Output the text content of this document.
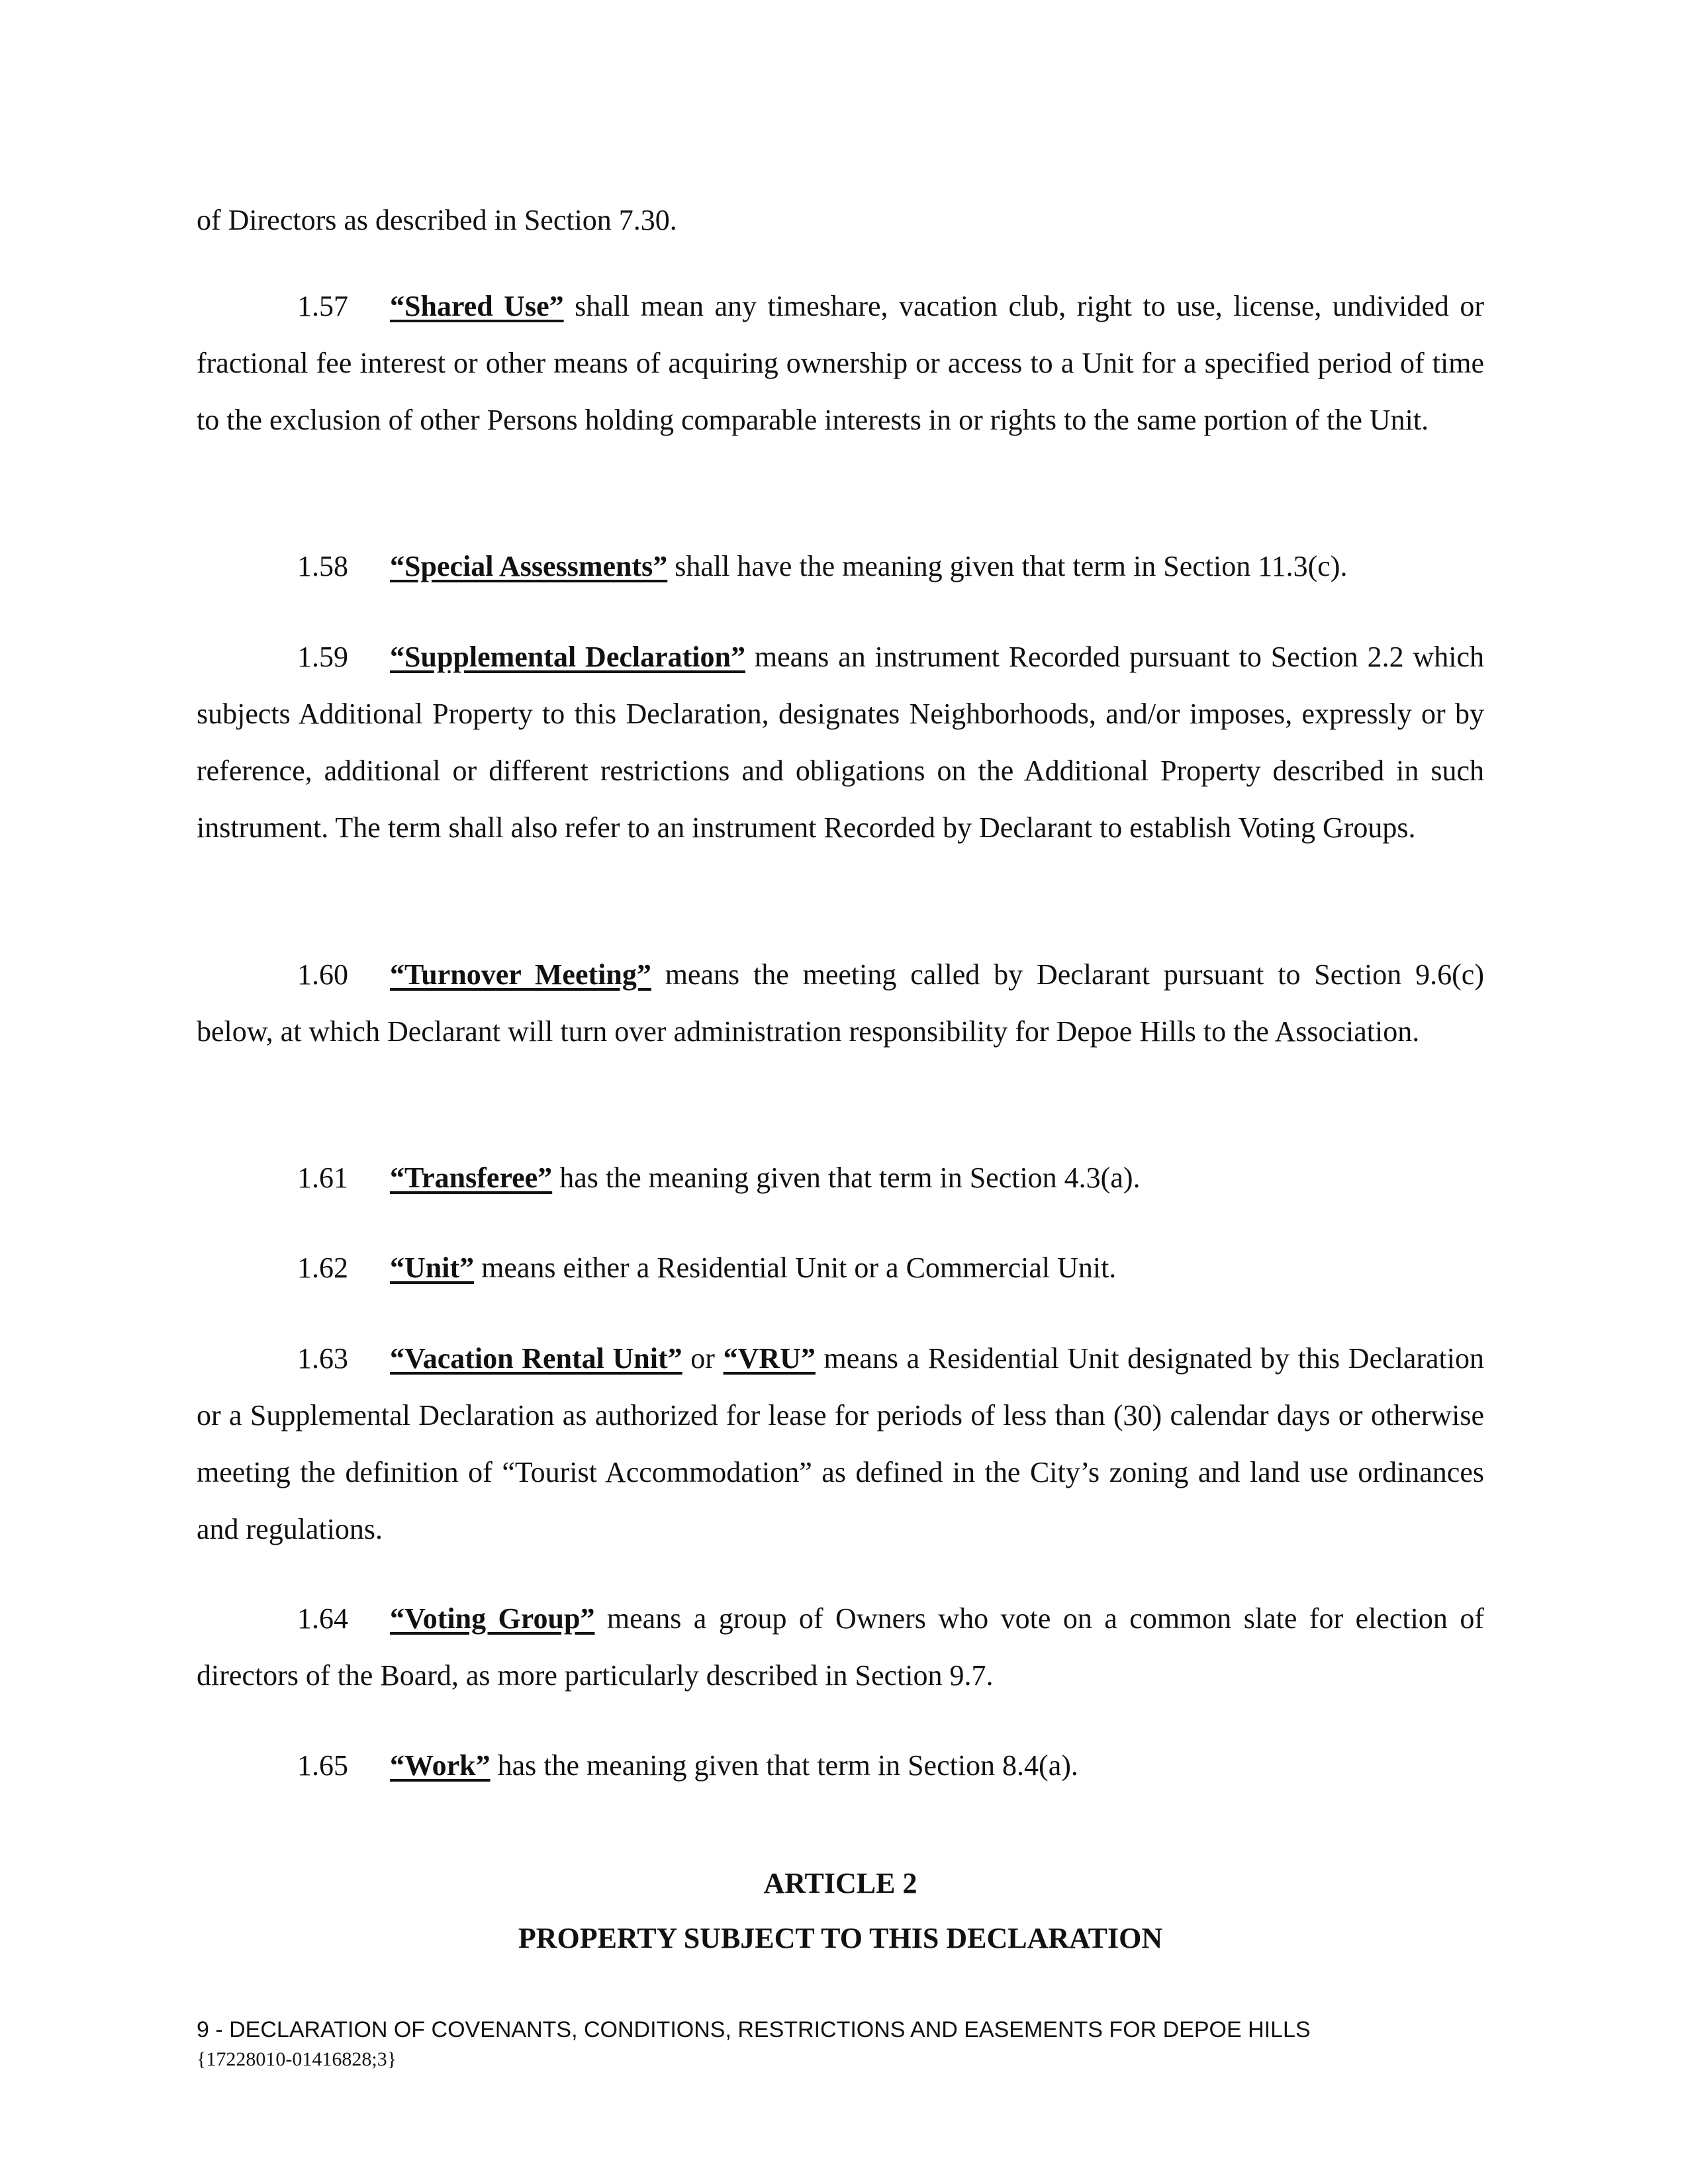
of Directors as described in Section 7.30.

1.57 “Shared Use” shall mean any timeshare, vacation club, right to use, license, undivided or fractional fee interest or other means of acquiring ownership or access to a Unit for a specified period of time to the exclusion of other Persons holding comparable interests in or rights to the same portion of the Unit.

1.58 “Special Assessments” shall have the meaning given that term in Section 11.3(c).

1.59 “Supplemental Declaration” means an instrument Recorded pursuant to Section 2.2 which subjects Additional Property to this Declaration, designates Neighborhoods, and/or imposes, expressly or by reference, additional or different restrictions and obligations on the Additional Property described in such instrument. The term shall also refer to an instrument Recorded by Declarant to establish Voting Groups.

1.60 “Turnover Meeting” means the meeting called by Declarant pursuant to Section 9.6(c) below, at which Declarant will turn over administration responsibility for Depoe Hills to the Association.

1.61 “Transferee” has the meaning given that term in Section 4.3(a).

1.62 “Unit” means either a Residential Unit or a Commercial Unit.

1.63 “Vacation Rental Unit” or “VRU” means a Residential Unit designated by this Declaration or a Supplemental Declaration as authorized for lease for periods of less than (30) calendar days or otherwise meeting the definition of “Tourist Accommodation” as defined in the City’s zoning and land use ordinances and regulations.

1.64 “Voting Group” means a group of Owners who vote on a common slate for election of directors of the Board, as more particularly described in Section 9.7.

1.65 “Work” has the meaning given that term in Section 8.4(a).

ARTICLE 2

PROPERTY SUBJECT TO THIS DECLARATION

9 - DECLARATION OF COVENANTS, CONDITIONS, RESTRICTIONS AND EASEMENTS FOR DEPOE HILLS

{17228010-01416828;3}
